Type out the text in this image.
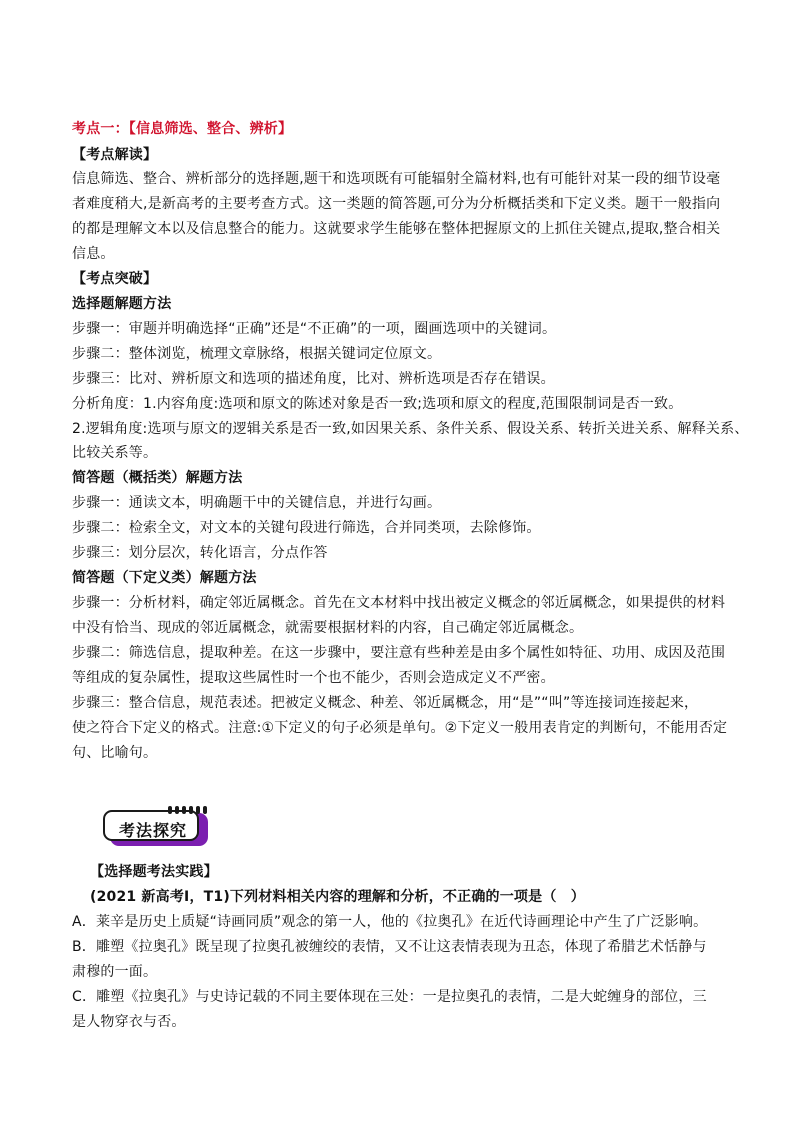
考点一：【信息筛选、整合、辨析】
【考点解读】
信息筛选、整合、辨析部分的选择题,题干和选项既有可能辐射全篇材料,也有可能针对某一段的细节设毫
者难度稍大,是新高考的主要考查方式。这一类题的简答题,可分为分析概括类和下定义类。题干一般指向
的都是理解文本以及信息整合的能力。这就要求学生能够在整体把握原文的上抓住关键点,提取,整合相关
信息。
【考点突破】
选择题解题方法
步骤一：审题并明确选择“正确”还是“不正确”的一项，圈画选项中的关键词。
步骤二：整体浏览，梳理文章脉络，根据关键词定位原文。
步骤三：比对、辨析原文和选项的描述角度，比对、辨析选项是否存在错误。
分析角度：1.内容角度:选项和原文的陈述对象是否一致;选项和原文的程度,范围限制词是否一致。
2.逻辑角度:选项与原文的逻辑关系是否一致,如因果关系、条件关系、假设关系、转折关进关系、解释关系、
比较关系等。
简答题（概括类）解题方法
步骤一：通读文本，明确题干中的关键信息，并进行勾画。
步骤二：检索全文，对文本的关键句段进行筛选，合并同类项，去除修饰。
步骤三：划分层次，转化语言，分点作答
简答题（下定义类）解题方法
步骤一：分析材料，确定邻近属概念。首先在文本材料中找出被定义概念的邻近属概念，如果提供的材料
中没有恰当、现成的邻近属概念，就需要根据材料的内容，自己确定邻近属概念。
步骤二：筛选信息，提取种差。在这一步骤中，要注意有些种差是由多个属性如特征、功用、成因及范围
等组成的复杂属性，提取这些属性时一个也不能少，否则会造成定义不严密。
步骤三：整合信息，规范表述。把被定义概念、种差、邻近属概念，用“是”“叫”等连接词连接起来，
使之符合下定义的格式。注意:①下定义的句子必须是单句。②下定义一般用表肯定的判断句，不能用否定
句、比喻句。
考法探究
【选择题考法实践】
(2021 新高考Ⅰ，T1)下列材料相关内容的理解和分析，不正确的一项是（　）
A．莱辛是历史上质疑“诗画同质”观念的第一人，他的《拉奥孔》在近代诗画理论中产生了广泛影响。
B．雕塑《拉奥孔》既呈现了拉奥孔被缠绞的表情，又不让这表情表现为丑态，体现了希腊艺术恬静与
肃穆的一面。
C．雕塑《拉奥孔》与史诗记载的不同主要体现在三处：一是拉奥孔的表情，二是大蛇缠身的部位，三
是人物穿衣与否。
